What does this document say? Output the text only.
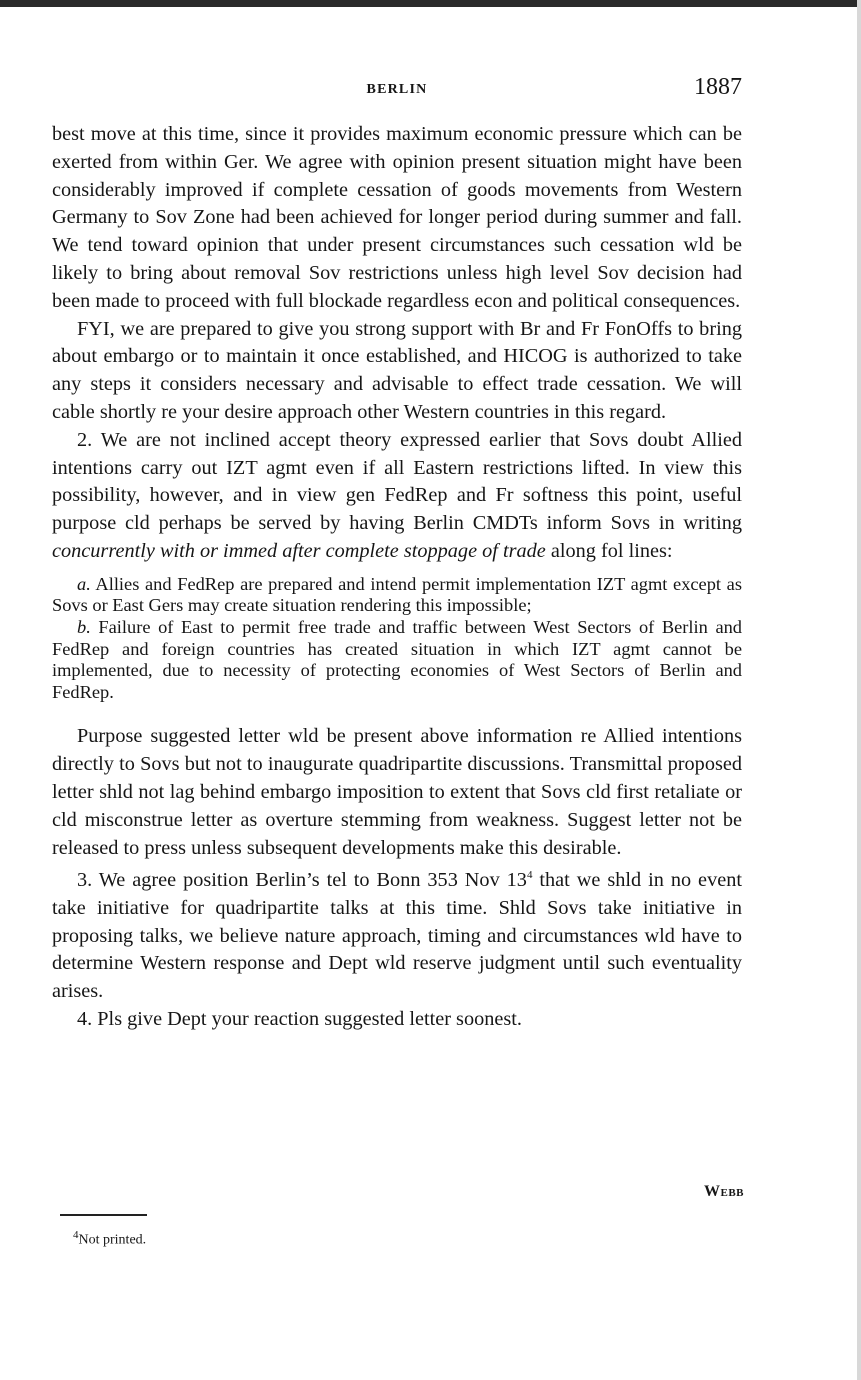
BERLIN	1887

best move at this time, since it provides maximum economic pressure which can be exerted from within Ger. We agree with opinion present situation might have been considerably improved if complete cessation of goods movements from Western Germany to Sov Zone had been achieved for longer period during summer and fall. We tend toward opinion that under present circumstances such cessation wld be likely to bring about removal Sov restrictions unless high level Sov decision had been made to proceed with full blockade regardless econ and political consequences.

FYI, we are prepared to give you strong support with Br and Fr FonOffs to bring about embargo or to maintain it once established, and HICOG is authorized to take any steps it considers necessary and advisable to effect trade cessation. We will cable shortly re your desire approach other Western countries in this regard.

2. We are not inclined accept theory expressed earlier that Sovs doubt Allied intentions carry out IZT agmt even if all Eastern restrictions lifted. In view this possibility, however, and in view gen FedRep and Fr softness this point, useful purpose cld perhaps be served by having Berlin CMDTs inform Sovs in writing concurrently with or immed after complete stoppage of trade along fol lines:

a. Allies and FedRep are prepared and intend permit implementation IZT agmt except as Sovs or East Gers may create situation rendering this impossible;

b. Failure of East to permit free trade and traffic between West Sectors of Berlin and FedRep and foreign countries has created situation in which IZT agmt cannot be implemented, due to necessity of protecting economies of West Sectors of Berlin and FedRep.

Purpose suggested letter wld be present above information re Allied intentions directly to Sovs but not to inaugurate quadripartite discussions. Transmittal proposed letter shld not lag behind embargo imposition to extent that Sovs cld first retaliate or cld misconstrue letter as overture stemming from weakness. Suggest letter not be released to press unless subsequent developments make this desirable.

3. We agree position Berlin’s tel to Bonn 353 Nov $13^4$ that we shld in no event take initiative for quadripartite talks at this time. Shld Sovs take initiative in proposing talks, we believe nature approach, timing and circumstances wld have to determine Western response and Dept wld reserve judgment until such eventuality arises.

4. Pls give Dept your reaction suggested letter soonest.

Webb
$^4$Not printed.
